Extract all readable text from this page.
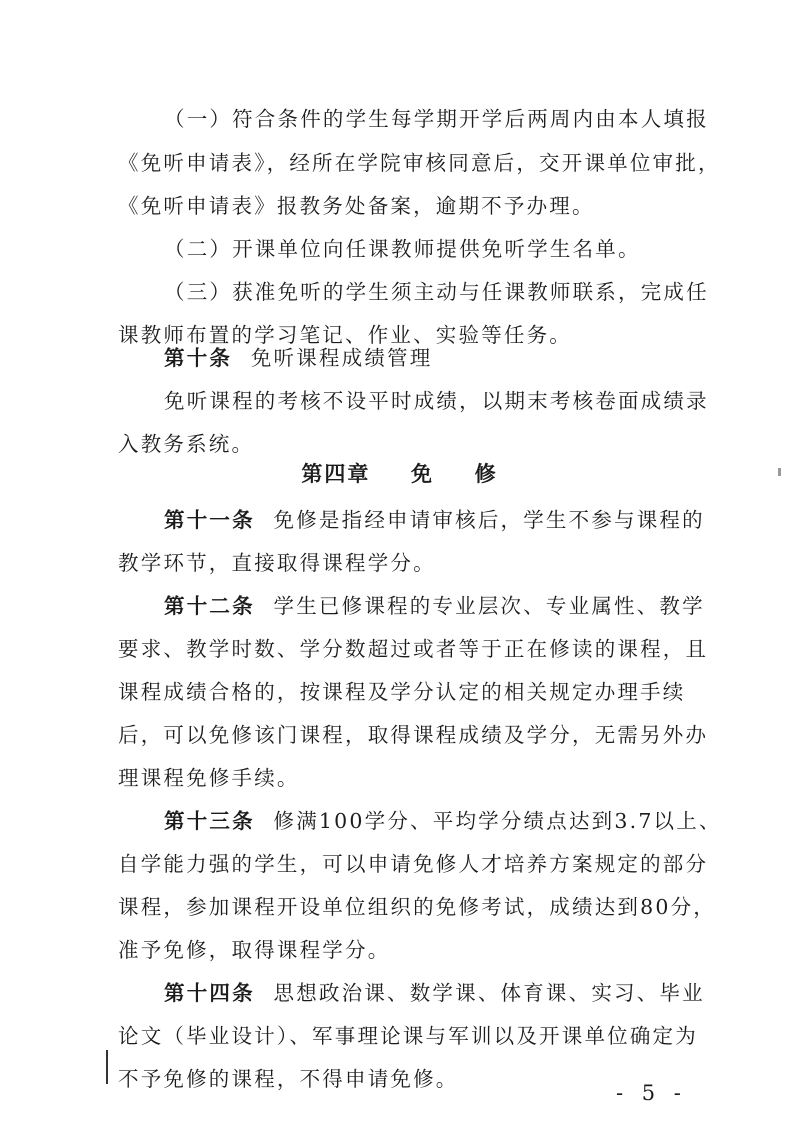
（一）符合条件的学生每学期开学后两周内由本人填报
《免听申请表》，经所在学院审核同意后，交开课单位审批，
《免听申请表》报教务处备案，逾期不予办理。
（二）开课单位向任课教师提供免听学生名单。
（三）获准免听的学生须主动与任课教师联系，完成任
课教师布置的学习笔记、作业、实验等任务。
第十条 免听课程成绩管理
免听课程的考核不设平时成绩，以期末考核卷面成绩录
入教务系统。
第四章 免 修
第十一条 免修是指经申请审核后，学生不参与课程的
教学环节，直接取得课程学分。
第十二条 学生已修课程的专业层次、专业属性、教学
要求、教学时数、学分数超过或者等于正在修读的课程，且
课程成绩合格的，按课程及学分认定的相关规定办理手续
后，可以免修该门课程，取得课程成绩及学分，无需另外办
理课程免修手续。
第十三条 修满100学分、平均学分绩点达到3.7以上、
自学能力强的学生，可以申请免修人才培养方案规定的部分
课程，参加课程开设单位组织的免修考试，成绩达到80分，
准予免修，取得课程学分。
第十四条 思想政治课、数学课、体育课、实习、毕业
论文（毕业设计）、军事理论课与军训以及开课单位确定为
不予免修的课程，不得申请免修。
- 5 -
